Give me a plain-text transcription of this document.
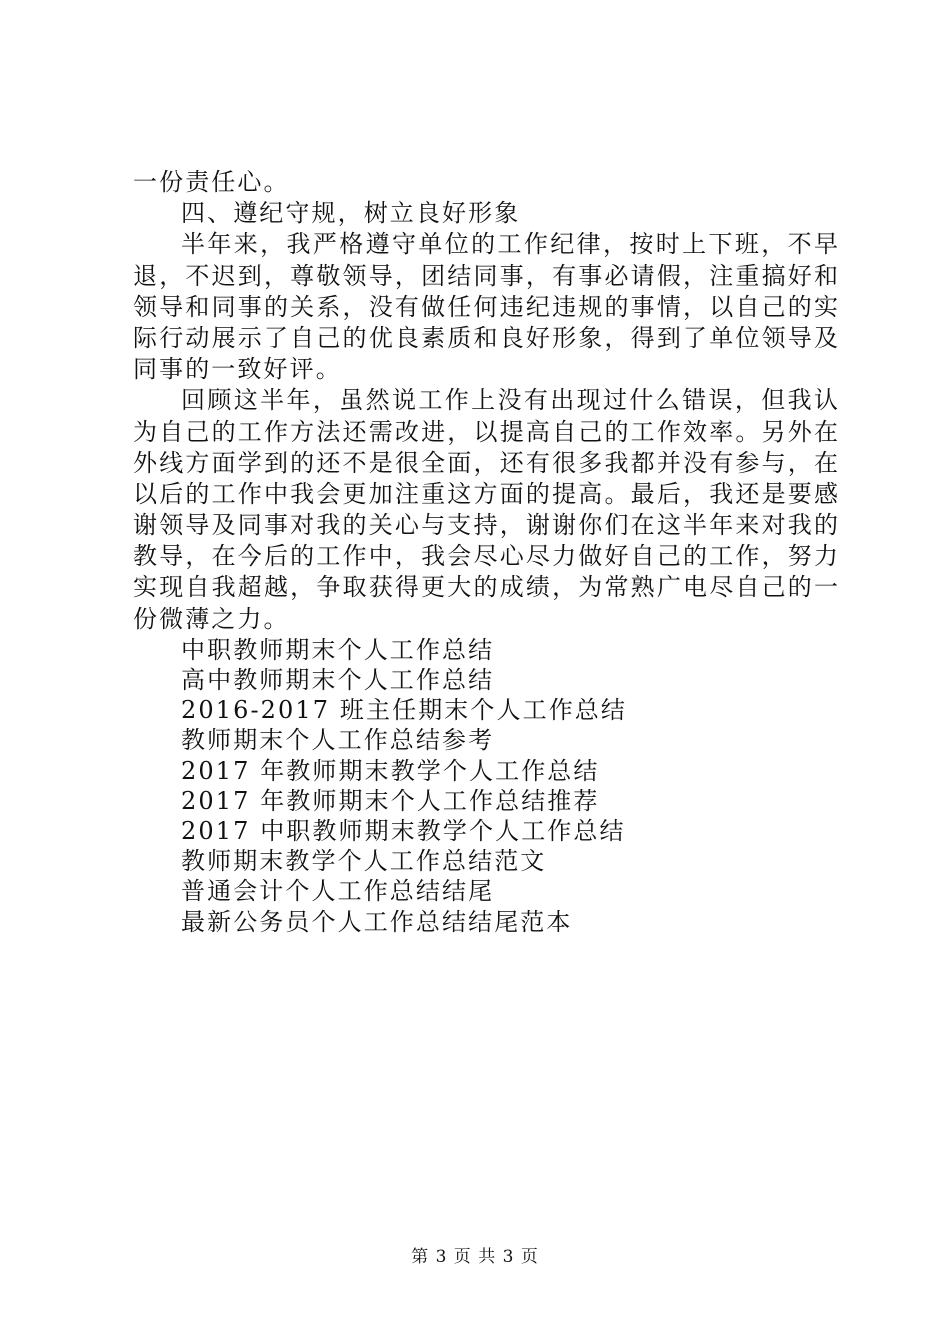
一份责任心。
四、遵纪守规，树立良好形象
半年来，我严格遵守单位的工作纪律，按时上下班，不早
退，不迟到，尊敬领导，团结同事，有事必请假，注重搞好和
领导和同事的关系，没有做任何违纪违规的事情，以自己的实
际行动展示了自己的优良素质和良好形象，得到了单位领导及
同事的一致好评。
回顾这半年，虽然说工作上没有出现过什么错误，但我认
为自己的工作方法还需改进，以提高自己的工作效率。另外在
外线方面学到的还不是很全面，还有很多我都并没有参与，在
以后的工作中我会更加注重这方面的提高。最后，我还是要感
谢领导及同事对我的关心与支持，谢谢你们在这半年来对我的
教导，在今后的工作中，我会尽心尽力做好自己的工作，努力
实现自我超越，争取获得更大的成绩，为常熟广电尽自己的一
份微薄之力。
中职教师期末个人工作总结
高中教师期末个人工作总结
2016-2017 班主任期末个人工作总结
教师期末个人工作总结参考
2017 年教师期末教学个人工作总结
2017 年教师期末个人工作总结推荐
2017 中职教师期末教学个人工作总结
教师期末教学个人工作总结范文
普通会计个人工作总结结尾
最新公务员个人工作总结结尾范本
第 3 页 共 3 页
